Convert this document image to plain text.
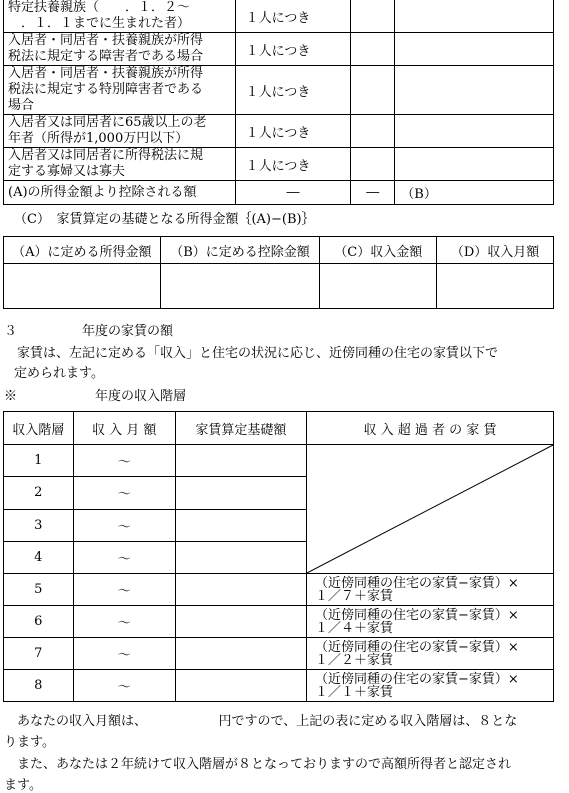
特定扶養親族（　　．１．２〜
　．１．１までに生まれた者）	１人につき		
入居者・同居者・扶養親族が所得
税法に規定する障害者である場合	１人につき		
入居者・同居者・扶養親族が所得
税法に規定する特別障害者である
場合	１人につき		
入居者又は同居者に65歳以上の老
年者（所得が1,000万円以下）	１人につき		
入居者又は同居者に所得税法に規
定する寡婦又は寡夫	１人につき		
(A)の所得金額より控除される額	―	―	（B）

（C）　家賃算定の基礎となる所得金額｛(A)−(B)｝

（A）に定める所得金額	（B）に定める控除金額	（C）収入金額	（D）収入月額

３　　　　　年度の家賃の額

　家賃は、左記に定める「収入」と住宅の状況に応じ、近傍同種の住宅の家賃以下で

定められます。

※　　　　　　年度の収入階層

収入階層	収 入 月 額	家賃算定基礎額	収 入 超 過 者 の 家 賃
1	〜		

2	〜		
3	〜		
4	〜		
5	〜		（近傍同種の住宅の家賃−家賃）×
１／７＋家賃
6	〜		（近傍同種の住宅の家賃−家賃）×
１／４＋家賃
7	〜		（近傍同種の住宅の家賃−家賃）×
１／２＋家賃
8	〜		（近傍同種の住宅の家賃−家賃）×
１／１＋家賃

　あなたの収入月額は、　　　　　　円ですので、上記の表に定める収入階層は、８とな

ります。

　また、あなたは２年続けて収入階層が８となっておりますので高額所得者と認定され

ます。
